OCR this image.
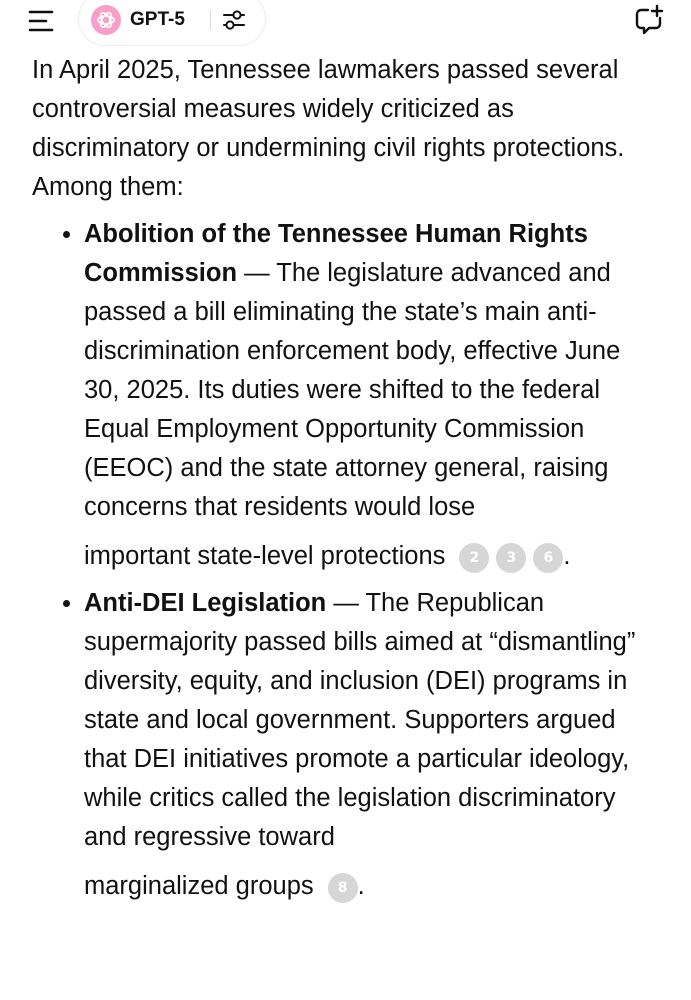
GPT-5

In April 2025, Tennessee lawmakers passed several controversial measures widely criticized as discriminatory or undermining civil rights protections. Among them:

Abolition of the Tennessee Human Rights Commission — The legislature advanced and passed a bill eliminating the state’s main anti-discrimination enforcement body, effective June 30, 2025. Its duties were shifted to the federal Equal Employment Opportunity Commission (EEOC) and the state attorney general, raising concerns that residents would lose
important state-level protections 2 3 6 .
Anti-DEI Legislation — The Republican supermajority passed bills aimed at “dismantling” diversity, equity, and inclusion (DEI) programs in state and local government. Supporters argued that DEI initiatives promote a particular ideology, while critics called the legislation discriminatory and regressive toward
marginalized groups 8 .
